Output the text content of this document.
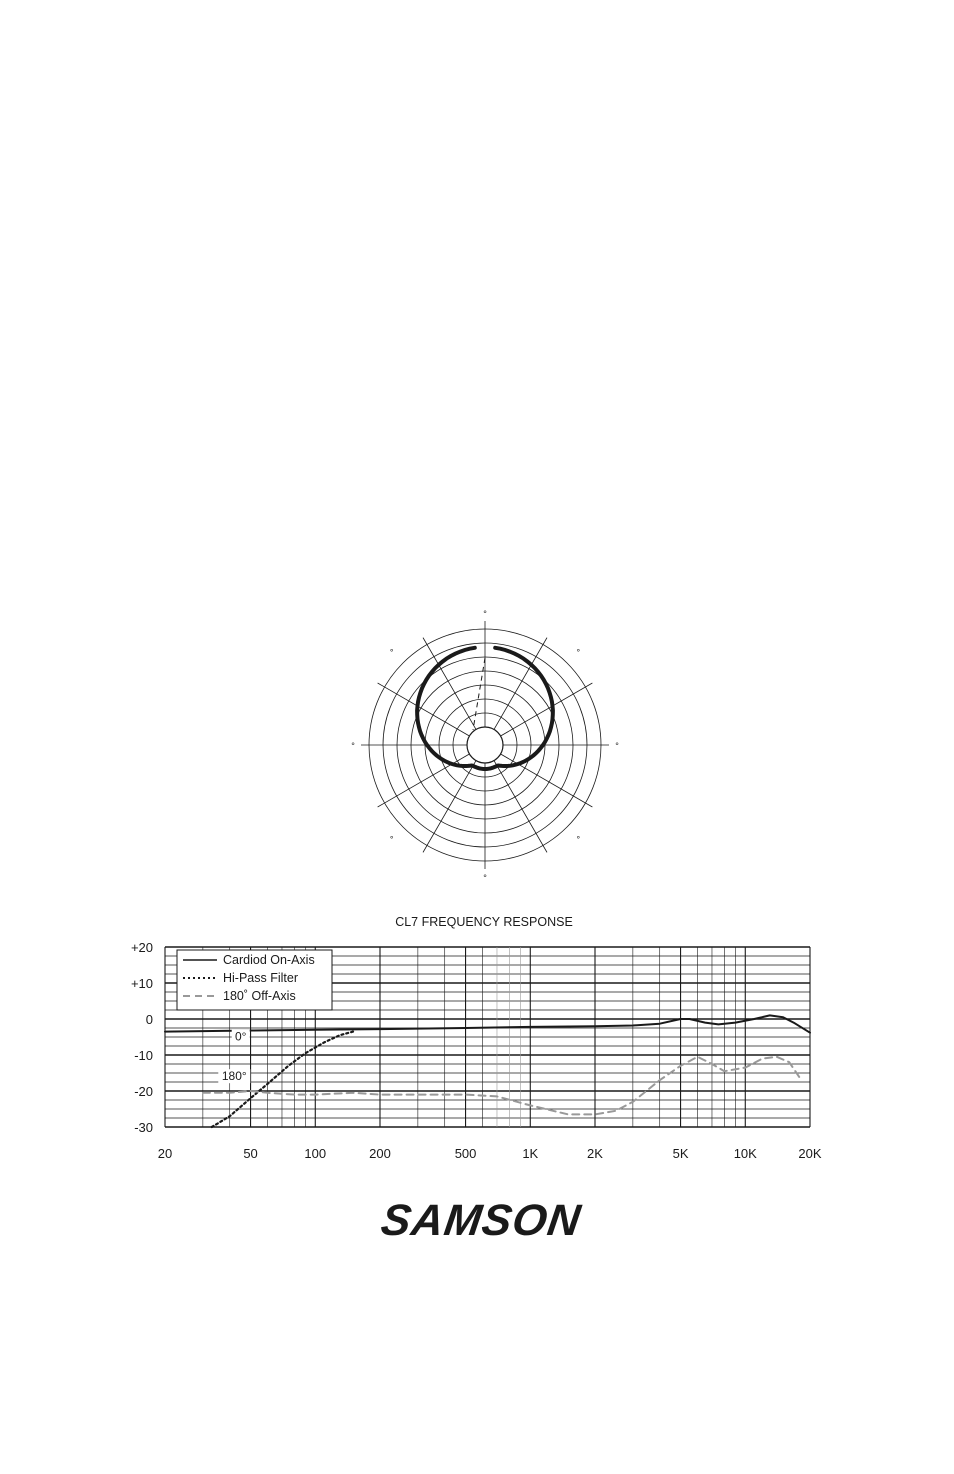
°
°
°
°
°
°
°
°
CL7 FREQUENCY RESPONSE
+20
+10
0
-10
-20
-30
20	50	100	200	500	1K	2K	5K	10K	20K
Cardiod On-Axis
Hi-Pass Filter
180˚ Off-Axis
0°
180°
SAMSON
